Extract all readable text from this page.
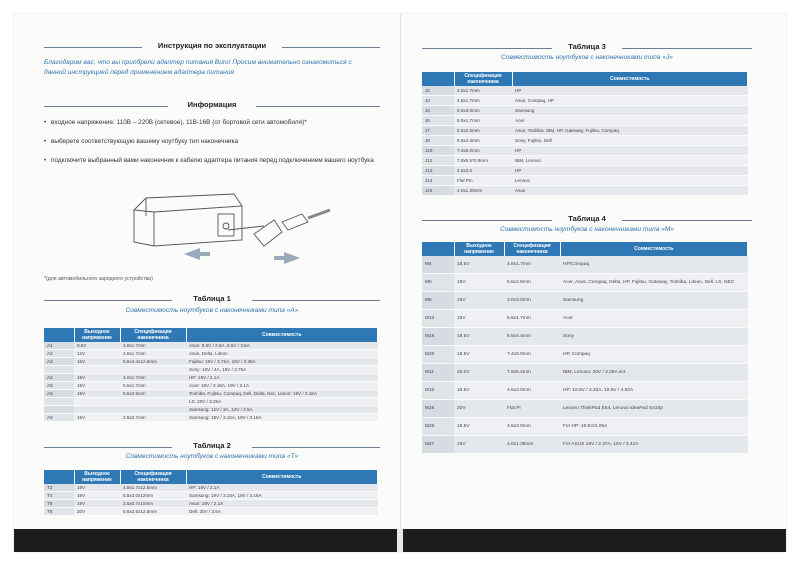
Инструкция по эксплуатации
Благодарим вас, что вы приобрели адаптер питания Buro! Просим внимательно ознакомиться с данной инструкцией перед применением адаптера питания
Информация
• входное напряжение: 110В – 220В (сетевое), 11В-16В (от бортовой сети автомобиля)*
• выберете соответствующую вашему ноутбуку тип наконечника
• подключите выбранный вами наконечник к кабелю адаптера питания перед подключением вашего ноутбука
*(для автомобильного зарядного устройства)
Таблица 1
Совместимость ноутбуков с наконечниками типа «А»
	Выходное напряжение	Спецификация наконечника	Совместимость
A1	9.5V	4.8x1.7mm	Asus: 9.5V / 2.5A, 9.5V / 3.5A
A2	12V	4.8x1.7mm	Asus, Delta, Liteon
A3	16V	6.5x4.4x12.5mm	Fujitsu: 16V / 3.75A, 16V / 3.36A
			Sony: 16V / 4A, 16V / 3.75A
A4	19V	4.0x1.7mm	HP: 19V / 2.1A
A5	19V	5.5x1.7mm	Acer: 19V / 3.16A, 19V / 2.1A
A6	19V	5.5x2.5mm	Toshiba, Fujitsu, Compaq, Dell, Delta, Nec, Liteon: 19V / 3.16A
			LS: 20V / 3.25A
			Samsung: 12V / 3A, 12V / 3.5A
A8	19V	2.5x3.7mm	Samsung: 19V / 3.15A, 19V / 3.16A
Таблица 2
Совместимость ноутбуков с наконечниками типа «Т»
	Выходное напряжение	Спецификация наконечника	Совместимость
T2	19V	4.8x1.7x12.5mm	HP: 19V / 2.1A
T4	19V	5.5x3.0x12mm	Samsung: 19V / 3.15A, 19V / 3.16A
T5	19V	2.5x0.7x10mm	Asus: 19V / 2.1A
T6	20V	5.5x2.5x12.5mm	Dell: 20V / 3.5A
Таблица 3
Совместимость ноутбуков с наконечниками типа «J»
	Спецификация наконечника	Совместимость
J2	4.0x1.7mm	HP
J3	4.8x1.7mm	Asus, Compaq, HP
J4	5.5x3.0mm	Samsung
J6	5.5x1.7mm	Acer
J7	5.5x2.5mm	Asus, Toshiba, IBM, HP, Gateway, Fujitsu, Compaq
J9	6.5x4.4mm	Sony, Fujitsu, Dell
J10	7.4x5.0mm	HP
J12	7.9x5.5*0.9mm	IBM, Lenovo
J13	4.5x3.0	HP
J14	Flat Pin	Lenovo
J15	4.0x1.35mm	Asus
Таблица 4
Совместимость ноутбуков с наконечниками типа «М»
	Выходное напряжение	Спецификация наконечника	Совместимость
M4	18.5V	4.8x1.7mm	HP/Compaq
M5	19V	5.5x2.5mm	Acer, Asus, Compaq, Delta, HP, Fujitsu, Gateway, Toshiba, Liteon, Dell, LS, NEC
M6	19V	3.0x3.0mm	Samsung
M13	19V	5.5x1.7mm	Acer
M18	19.5V	6.5x4.4mm	Sony
M20	18.5V	7.4x5.0mm	HP, Compaq
M11	20.0V	7.9x5.4mm	IBM, Lenovo: 20V / 3.25A ect.
M10	19.5V	4.5x3.0mm	HP: 19.5V / 3.33A, 19.5V / 4.62A
M25	20V	Flat Pi	Lenovo ThinkPad E54, Lenovo IdeaPad S410p
M28	19.5V	4.5x3.0mm	For HP: 19.5V/2.05A
M27	19V	4.0x1.35mm	For ASUS 19V / 2.37A, 19V / 3.42A
